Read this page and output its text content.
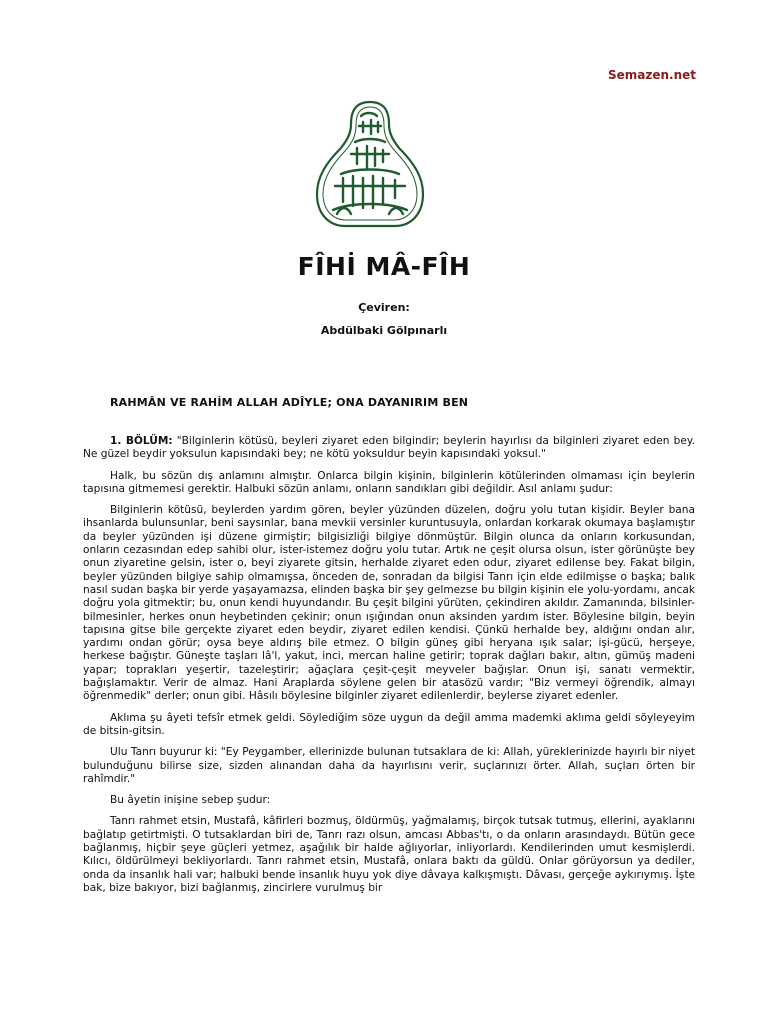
Semazen.net
FÎHİ MÂ-FÎH

Çeviren:

Abdülbaki Gölpınarlı

RAHMÂN VE RAHİM ALLAH ADÎYLE; ONA DAYANIRIM BEN

1. BÖLÜM: "Bilginlerin kötüsü, beyleri ziyaret eden bilgindir; beylerin hayırlısı da bilginleri ziyaret eden bey. Ne güzel beydir yoksulun kapısındaki bey; ne kötü yoksuldur beyin kapısındaki yoksul."

Halk, bu sözün dış anlamını almıştır. Onlarca bilgin kişinin, bilginlerin kötülerinden olmaması için beylerin tapısına gitmemesi gerektir. Halbuki sözün anlamı, onların sandıkları gibi değildir. Asıl anlamı şudur:

Bilginlerin kötüsü, beylerden yardım gören, beyler yüzünden düzelen, doğru yolu tutan kişidir. Beyler bana ihsanlarda bulunsunlar, beni saysınlar, bana mevkii versinler kuruntusuyla, onlardan korkarak okumaya başlamıştır da beyler yüzünden işi düzene girmiştir; bilgisizliği bilgiye dönmüştür. Bilgin olunca da onların korkusundan, onların cezasından edep sahibi olur, ister-istemez doğru yolu tutar. Artık ne çeşit olursa olsun, ister görünüşte bey onun ziyaretine gelsin, ister o, beyi ziyarete gitsin, herhalde ziyaret eden odur, ziyaret edilense bey. Fakat bilgin, beyler yüzünden bilgiye sahip olmamışsa, önceden de, sonradan da bilgisi Tanrı için elde edilmişse o başka; balık nasıl sudan başka bir yerde yaşayamazsa, elinden başka bir şey gelmezse bu bilgin kişinin ele yolu-yordamı, ancak doğru yola gitmektir; bu, onun kendi huyundandır. Bu çeşit bilgini yürüten, çekindiren akıldır. Zamanında, bilsinler-bilmesinler, herkes onun heybetinden çekinir; onun ışığından onun aksinden yardım ister. Böylesine bilgin, beyin tapısına gitse bile gerçekte ziyaret eden beydir, ziyaret edilen kendisi. Çünkü herhalde bey, aldığını ondan alır, yardımı ondan görür; oysa beye aldırış bile etmez. O bilgin güneş gibi heryana ışık salar; işi-gücü, herşeye, herkese bağıştır. Güneşte taşları lâ'l, yakut, inci, mercan haline getirir; toprak dağları bakır, altın, gümüş madeni yapar; toprakları yeşertir, tazeleştirir; ağaçlara çeşit-çeşit meyveler bağışlar. Onun işi, sanatı vermektir, bağışlamaktır. Verir de almaz. Hani Araplarda söylene gelen bir atasözü vardır; "Biz vermeyi öğrendik, almayı öğrenmedik" derler; onun gibi. Hâsılı böylesine bilginler ziyaret edilenlerdir, beylerse ziyaret edenler.

Aklıma şu âyeti tefsîr etmek geldi. Söylediğim söze uygun da değil amma mademki aklıma geldi söyleyeyim de bitsin-gitsin.

Ulu Tanrı buyurur ki: "Ey Peygamber, ellerinizde bulunan tutsaklara de ki: Allah, yüreklerinizde hayırlı bir niyet bulunduğunu bilirse size, sizden alınandan daha da hayırlısını verir, suçlarınızı örter. Allah, suçları örten bir rahîmdir."

Bu âyetin inişine sebep şudur:

Tanrı rahmet etsin, Mustafâ, kâfirleri bozmuş, öldürmüş, yağmalamış, birçok tutsak tutmuş, ellerini, ayaklarını bağlatıp getirtmişti. O tutsaklardan biri de, Tanrı razı olsun, amcası Abbas'tı, o da onların arasındaydı. Bütün gece bağlanmış, hiçbir şeye güçleri yetmez, aşağılık bir halde ağlıyorlar, inliyorlardı. Kendilerinden umut kesmişlerdi. Kılıcı, öldürülmeyi bekliyorlardı. Tanrı rahmet etsin, Mustafâ, onlara baktı da güldü. Onlar görüyorsun ya dediler, onda da insanlık hali var; halbuki bende insanlık huyu yok diye dâvaya kalkışmıştı. Dâvası, gerçeğe aykırıymış. İşte bak, bize bakıyor, bizi bağlanmış, zincirlere vurulmuş bir
